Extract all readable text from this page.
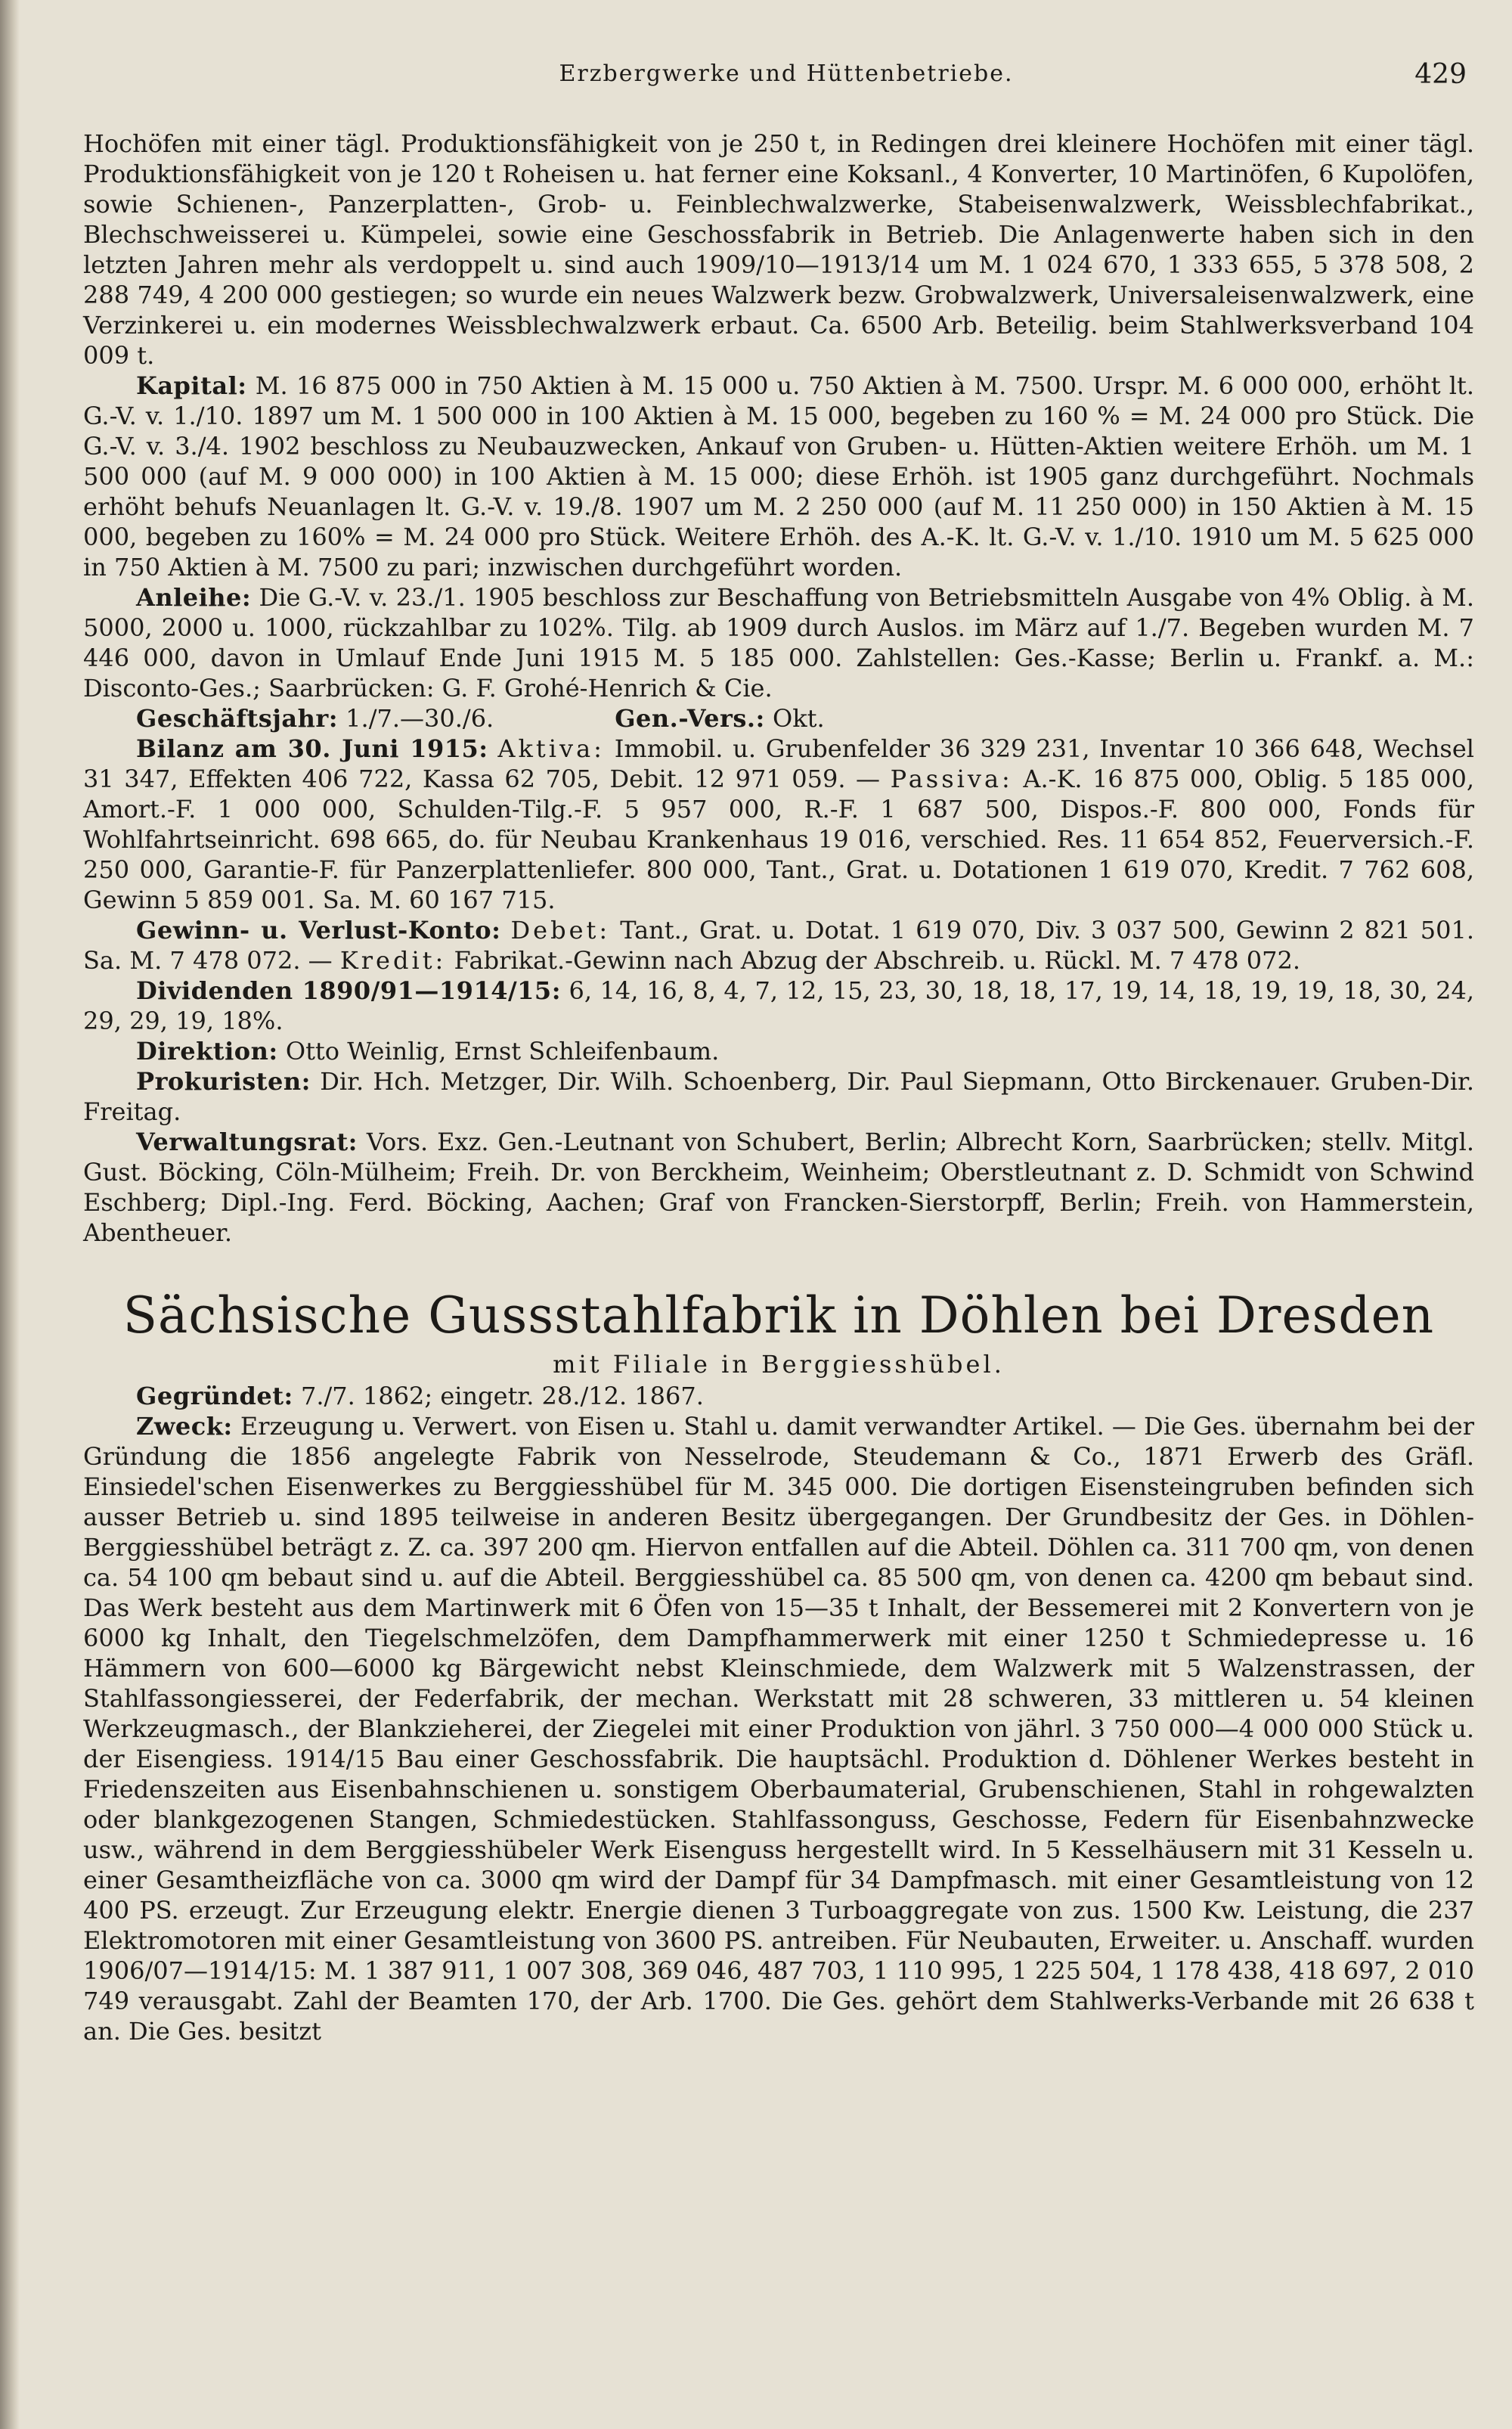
Erzbergwerke und Hüttenbetriebe.	429

Hochöfen mit einer tägl. Produktionsfähigkeit von je 250 t, in Redingen drei kleinere Hochöfen mit einer tägl. Produktionsfähigkeit von je 120 t Roheisen u. hat ferner eine Koksanl., 4 Konverter, 10 Martinöfen, 6 Kupolöfen, sowie Schienen-, Panzerplatten-, Grob- u. Feinblechwalzwerke, Stabeisenwalzwerk, Weissblechfabrikat., Blechschweisserei u. Kümpelei, sowie eine Geschossfabrik in Betrieb. Die Anlagenwerte haben sich in den letzten Jahren mehr als verdoppelt u. sind auch 1909/10—1913/14 um M. 1 024 670, 1 333 655, 5 378 508, 2 288 749, 4 200 000 gestiegen; so wurde ein neues Walzwerk bezw. Grobwalzwerk, Universaleisenwalzwerk, eine Verzinkerei u. ein modernes Weissblechwalzwerk erbaut. Ca. 6500 Arb. Beteilig. beim Stahlwerksverband 104 009 t.

Kapital: M. 16 875 000 in 750 Aktien à M. 15 000 u. 750 Aktien à M. 7500. Urspr. M. 6 000 000, erhöht lt. G.-V. v. 1./10. 1897 um M. 1 500 000 in 100 Aktien à M. 15 000, begeben zu 160 % = M. 24 000 pro Stück. Die G.-V. v. 3./4. 1902 beschloss zu Neubauzwecken, Ankauf von Gruben- u. Hütten-Aktien weitere Erhöh. um M. 1 500 000 (auf M. 9 000 000) in 100 Aktien à M. 15 000; diese Erhöh. ist 1905 ganz durchgeführt. Nochmals erhöht behufs Neuanlagen lt. G.-V. v. 19./8. 1907 um M. 2 250 000 (auf M. 11 250 000) in 150 Aktien à M. 15 000, begeben zu 160% = M. 24 000 pro Stück. Weitere Erhöh. des A.-K. lt. G.-V. v. 1./10. 1910 um M. 5 625 000 in 750 Aktien à M. 7500 zu pari; inzwischen durchgeführt worden.

Anleihe: Die G.-V. v. 23./1. 1905 beschloss zur Beschaffung von Betriebsmitteln Ausgabe von 4% Oblig. à M. 5000, 2000 u. 1000, rückzahlbar zu 102%. Tilg. ab 1909 durch Auslos. im März auf 1./7. Begeben wurden M. 7 446 000, davon in Umlauf Ende Juni 1915 M. 5 185 000. Zahlstellen: Ges.-Kasse; Berlin u. Frankf. a. M.: Disconto-Ges.; Saarbrücken: G. F. Grohé-Henrich & Cie.

Geschäftsjahr: 1./7.—30./6.     	Gen.-Vers.: Okt.

Bilanz am 30. Juni 1915: Aktiva: Immobil. u. Grubenfelder 36 329 231, Inventar 10 366 648, Wechsel 31 347, Effekten 406 722, Kassa 62 705, Debit. 12 971 059. — Passiva: A.-K. 16 875 000, Oblig. 5 185 000, Amort.-F. 1 000 000, Schulden-Tilg.-F. 5 957 000, R.-F. 1 687 500, Dispos.-F. 800 000, Fonds für Wohlfahrtseinricht. 698 665, do. für Neubau Krankenhaus 19 016, verschied. Res. 11 654 852, Feuerversich.-F. 250 000, Garantie-F. für Panzerplattenliefer. 800 000, Tant., Grat. u. Dotationen 1 619 070, Kredit. 7 762 608, Gewinn 5 859 001. Sa. M. 60 167 715.

Gewinn- u. Verlust-Konto: Debet: Tant., Grat. u. Dotat. 1 619 070, Div. 3 037 500, Gewinn 2 821 501. Sa. M. 7 478 072. — Kredit: Fabrikat.-Gewinn nach Abzug der Abschreib. u. Rückl. M. 7 478 072.

Dividenden 1890/91—1914/15: 6, 14, 16, 8, 4, 7, 12, 15, 23, 30, 18, 18, 17, 19, 14, 18, 19, 19, 18, 30, 24, 29, 29, 19, 18%.

Direktion: Otto Weinlig, Ernst Schleifenbaum.

Prokuristen: Dir. Hch. Metzger, Dir. Wilh. Schoenberg, Dir. Paul Siepmann, Otto Birckenauer. Gruben-Dir. Freitag.

Verwaltungsrat: Vors. Exz. Gen.-Leutnant von Schubert, Berlin; Albrecht Korn, Saarbrücken; stellv. Mitgl. Gust. Böcking, Cöln-Mülheim; Freih. Dr. von Berckheim, Weinheim; Oberstleutnant z. D. Schmidt von Schwind Eschberg; Dipl.-Ing. Ferd. Böcking, Aachen; Graf von Francken-Sierstorpff, Berlin; Freih. von Hammerstein, Abentheuer.

Sächsische Gussstahlfabrik in Döhlen bei Dresden
mit Filiale in Berggiesshübel.

Gegründet: 7./7. 1862; eingetr. 28./12. 1867.

Zweck: Erzeugung u. Verwert. von Eisen u. Stahl u. damit verwandter Artikel. — Die Ges. übernahm bei der Gründung die 1856 angelegte Fabrik von Nesselrode, Steudemann & Co., 1871 Erwerb des Gräfl. Einsiedel'schen Eisenwerkes zu Berggiesshübel für M. 345 000. Die dortigen Eisensteingruben befinden sich ausser Betrieb u. sind 1895 teilweise in anderen Besitz übergegangen. Der Grundbesitz der Ges. in Döhlen-Berggiesshübel beträgt z. Z. ca. 397 200 qm. Hiervon entfallen auf die Abteil. Döhlen ca. 311 700 qm, von denen ca. 54 100 qm bebaut sind u. auf die Abteil. Berggiesshübel ca. 85 500 qm, von denen ca. 4200 qm bebaut sind. Das Werk besteht aus dem Martinwerk mit 6 Öfen von 15—35 t Inhalt, der Bessemerei mit 2 Konvertern von je 6000 kg Inhalt, den Tiegelschmelzöfen, dem Dampfhammerwerk mit einer 1250 t Schmiedepresse u. 16 Hämmern von 600—6000 kg Bärgewicht nebst Kleinschmiede, dem Walzwerk mit 5 Walzenstrassen, der Stahlfassongiesserei, der Federfabrik, der mechan. Werkstatt mit 28 schweren, 33 mittleren u. 54 kleinen Werkzeugmasch., der Blankzieherei, der Ziegelei mit einer Produktion von jährl. 3 750 000—4 000 000 Stück u. der Eisengiess. 1914/15 Bau einer Geschossfabrik. Die hauptsächl. Produktion d. Döhlener Werkes besteht in Friedenszeiten aus Eisenbahnschienen u. sonstigem Oberbaumaterial, Grubenschienen, Stahl in rohgewalzten oder blankgezogenen Stangen, Schmiedestücken. Stahlfassonguss, Geschosse, Federn für Eisenbahnzwecke usw., während in dem Berggiesshübeler Werk Eisenguss hergestellt wird. In 5 Kesselhäusern mit 31 Kesseln u. einer Gesamtheizfläche von ca. 3000 qm wird der Dampf für 34 Dampfmasch. mit einer Gesamtleistung von 12 400 PS. erzeugt. Zur Erzeugung elektr. Energie dienen 3 Turboaggregate von zus. 1500 Kw. Leistung, die 237 Elektromotoren mit einer Gesamtleistung von 3600 PS. antreiben. Für Neubauten, Erweiter. u. Anschaff. wurden 1906/07—1914/15: M. 1 387 911, 1 007 308, 369 046, 487 703, 1 110 995, 1 225 504, 1 178 438, 418 697, 2 010 749 verausgabt. Zahl der Beamten 170, der Arb. 1700. Die Ges. gehört dem Stahlwerks-Verbande mit 26 638 t an. Die Ges. besitzt
